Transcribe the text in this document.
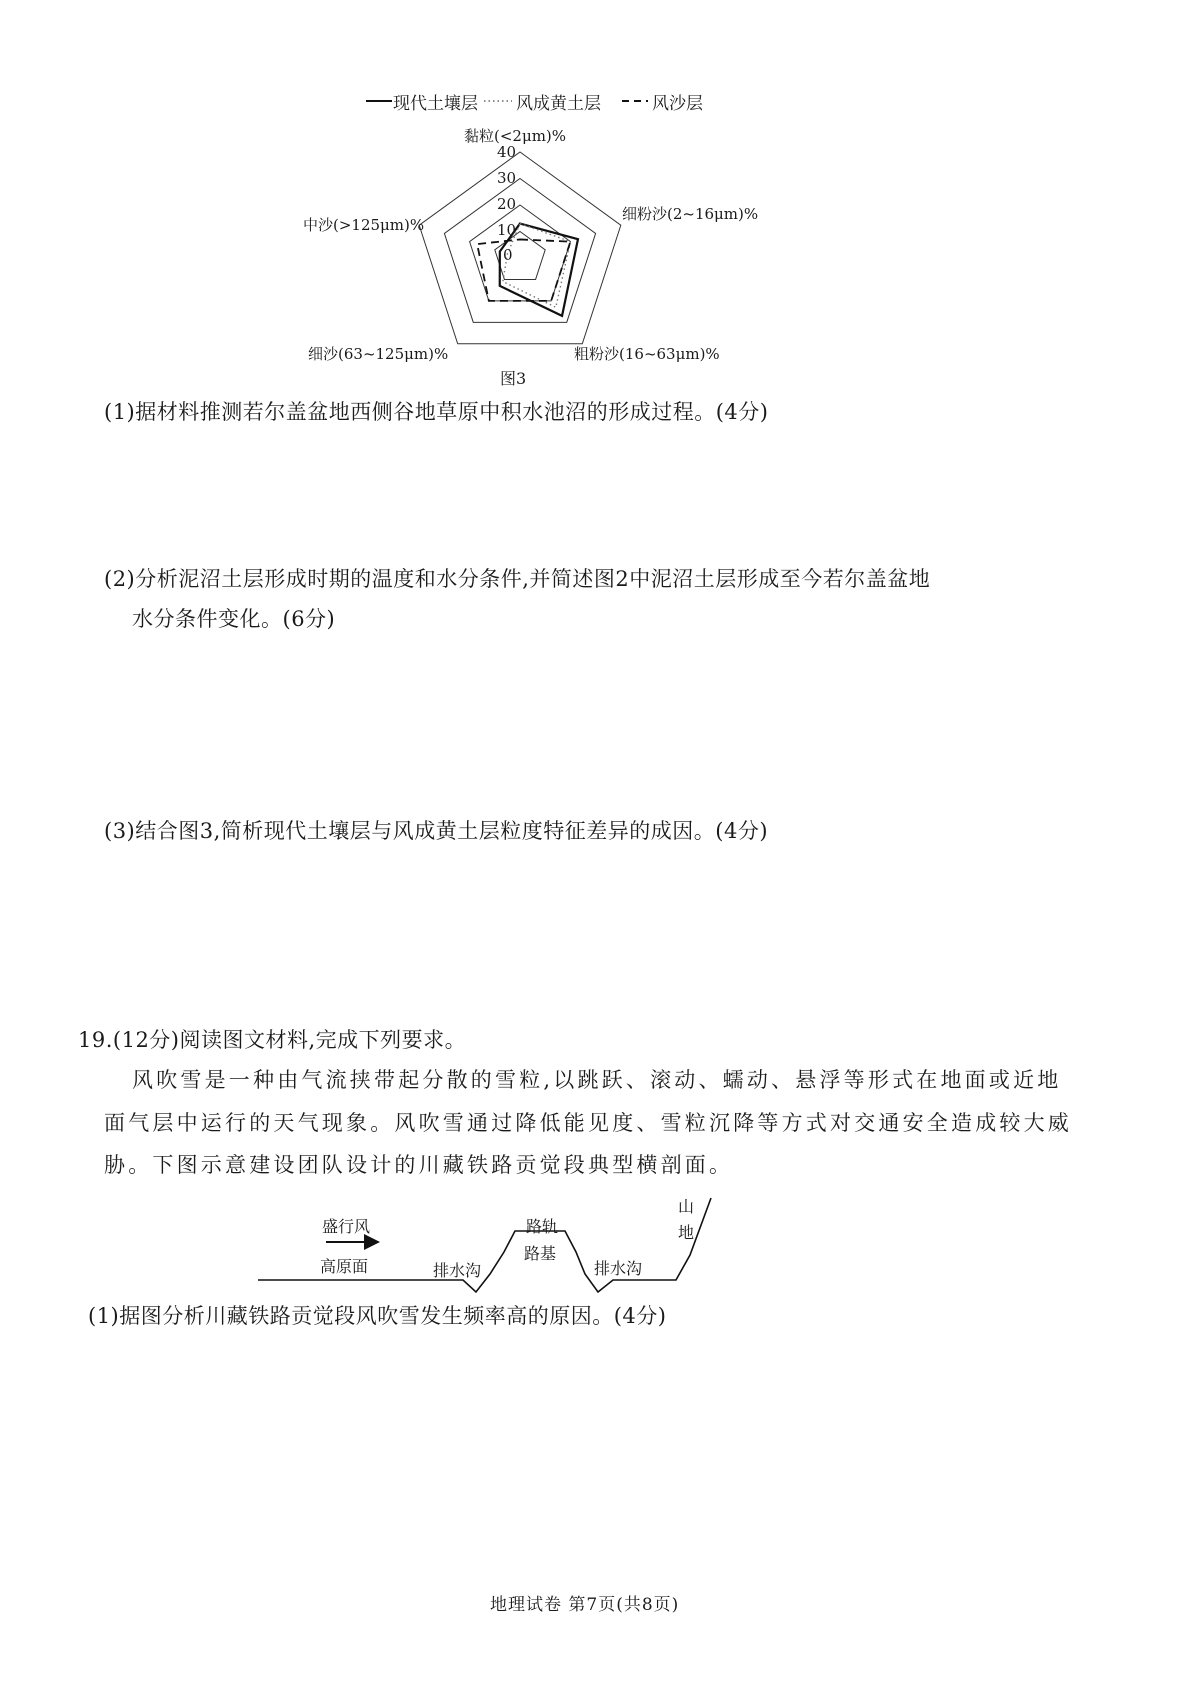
现代土壤层 风成黄土层	风沙层
黏粒(<2μm)%
细粉沙(2~16μm)%
粗粉沙(16~63μm)%
细沙(63~125μm)%
中沙(>125μm)%
40
30
20
10
0
图3
(1)据材料推测若尔盖盆地西侧谷地草原中积水池沼的形成过程。(4分)
(2)分析泥沼土层形成时期的温度和水分条件,并简述图2中泥沼土层形成至今若尔盖盆地
水分条件变化。(6分)
(3)结合图3,简析现代土壤层与风成黄土层粒度特征差异的成因。(4分)
19.(12分)阅读图文材料,完成下列要求。
风吹雪是一种由气流挟带起分散的雪粒,以跳跃、滚动、蠕动、悬浮等形式在地面或近地
面气层中运行的天气现象。风吹雪通过降低能见度、雪粒沉降等方式对交通安全造成较大威
胁。下图示意建设团队设计的川藏铁路贡觉段典型横剖面。
盛行风
高原面	排水沟
路轨
路基
排水沟
山
地
(1)据图分析川藏铁路贡觉段风吹雪发生频率高的原因。(4分)
地理试卷 第7页(共8页)
